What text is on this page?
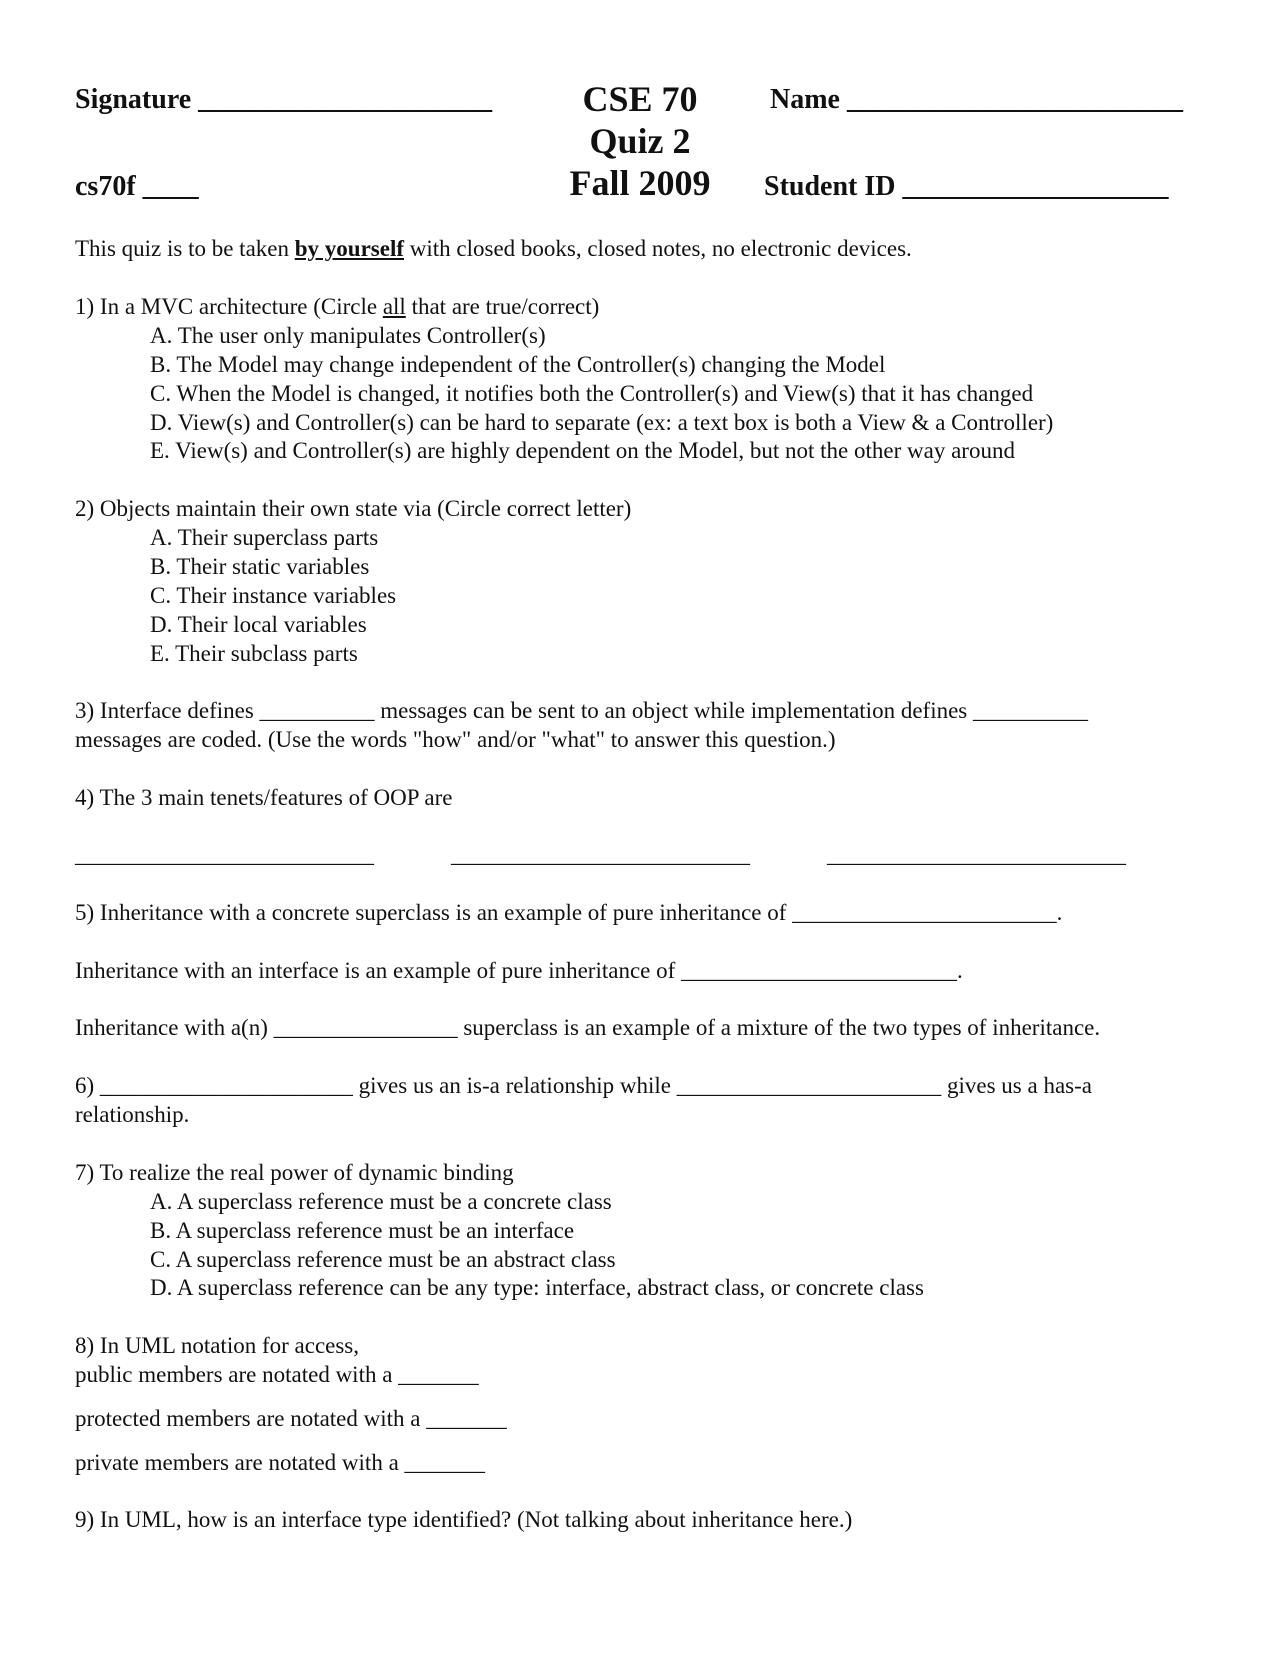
Signature _____________________	CSE 70
Quiz 2
Fall 2009
Name ________________________
cs70f ____	Student ID ___________________
This quiz is to be taken by yourself with closed books, closed notes, no electronic devices.
1) In a MVC architecture (Circle all that are true/correct)
A. The user only manipulates Controller(s)
B. The Model may change independent of the Controller(s) changing the Model
C. When the Model is changed, it notifies both the Controller(s) and View(s) that it has changed
D. View(s) and Controller(s) can be hard to separate (ex: a text box is both a View & a Controller)
E. View(s) and Controller(s) are highly dependent on the Model, but not the other way around
2) Objects maintain their own state via (Circle correct letter)
A. Their superclass parts
B. Their static variables
C. Their instance variables
D. Their local variables
E. Their subclass parts
3) Interface defines __________ messages can be sent to an object while implementation defines __________
messages are coded. (Use the words "how" and/or "what" to answer this question.)
4) The 3 main tenets/features of OOP are
__________________________	__________________________	__________________________
5) Inheritance with a concrete superclass is an example of pure inheritance of _______________________.
Inheritance with an interface is an example of pure inheritance of ________________________.
Inheritance with a(n) ________________ superclass is an example of a mixture of the two types of inheritance.
6) ______________________ gives us an is-a relationship while _______________________ gives us a has-a
relationship.
7) To realize the real power of dynamic binding
A. A superclass reference must be a concrete class
B. A superclass reference must be an interface
C. A superclass reference must be an abstract class
D. A superclass reference can be any type: interface, abstract class, or concrete class
8) In UML notation for access,
public members are notated with a _______
protected members are notated with a _______
private members are notated with a _______
9) In UML, how is an interface type identified? (Not talking about inheritance here.)
